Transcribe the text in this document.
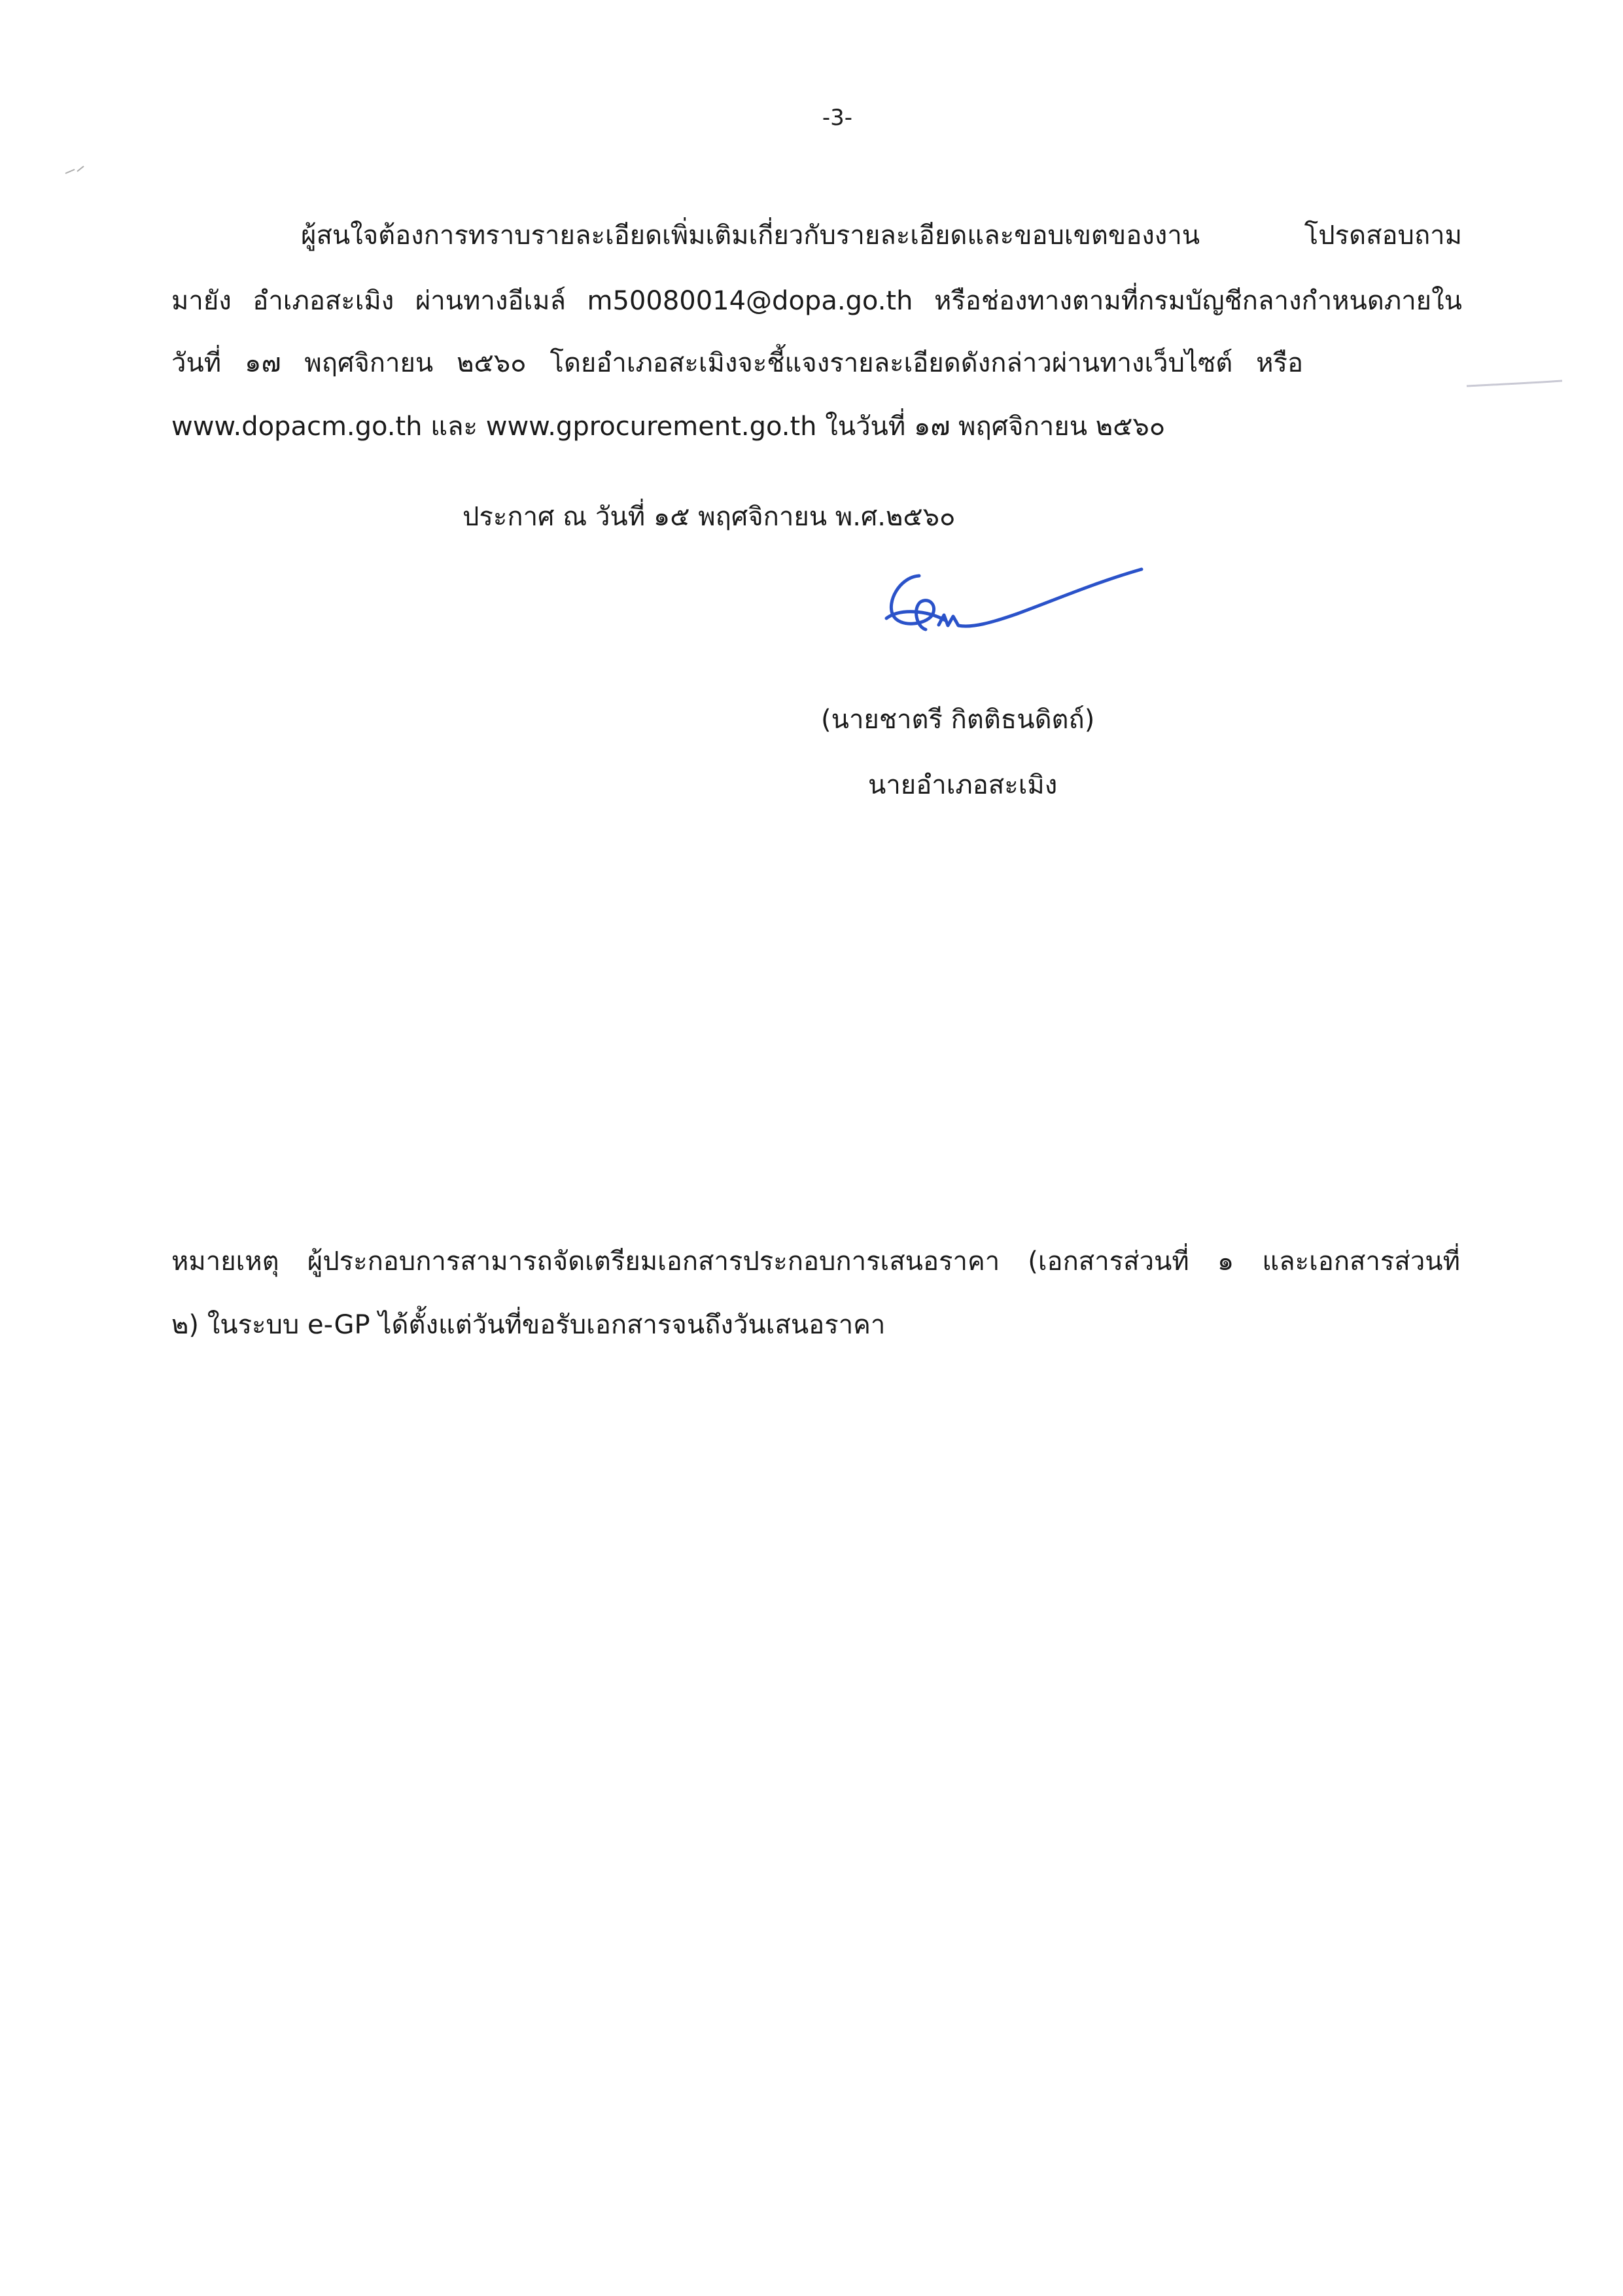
-3-
ผู้สนใจต้องการทราบรายละเอียดเพิ่มเติมเกี่ยวกับรายละเอียดและขอบเขตของงาน	โปรดสอบถาม
มายัง อำเภอสะเมิง ผ่านทางอีเมล์ m50080014@dopa.go.th หรือช่องทางตามที่กรมบัญชีกลางกำหนดภายใน
วันที่ ๑๗ พฤศจิกายน ๒๕๖๐ โดยอำเภอสะเมิงจะชี้แจงรายละเอียดดังกล่าวผ่านทางเว็บไซต์ หรือ
www.dopacm.go.th และ www.gprocurement.go.th ในวันที่ ๑๗ พฤศจิกายน ๒๕๖๐
ประกาศ ณ วันที่ ๑๕ พฤศจิกายน พ.ศ.๒๕๖๐
(นายชาตรี กิตติธนดิตถ์)
นายอำเภอสะเมิง
หมายเหตุ ผู้ประกอบการสามารถจัดเตรียมเอกสารประกอบการเสนอราคา (เอกสารส่วนที่ ๑ และเอกสารส่วนที่
๒) ในระบบ e-GP ได้ตั้งแต่วันที่ขอรับเอกสารจนถึงวันเสนอราคา
